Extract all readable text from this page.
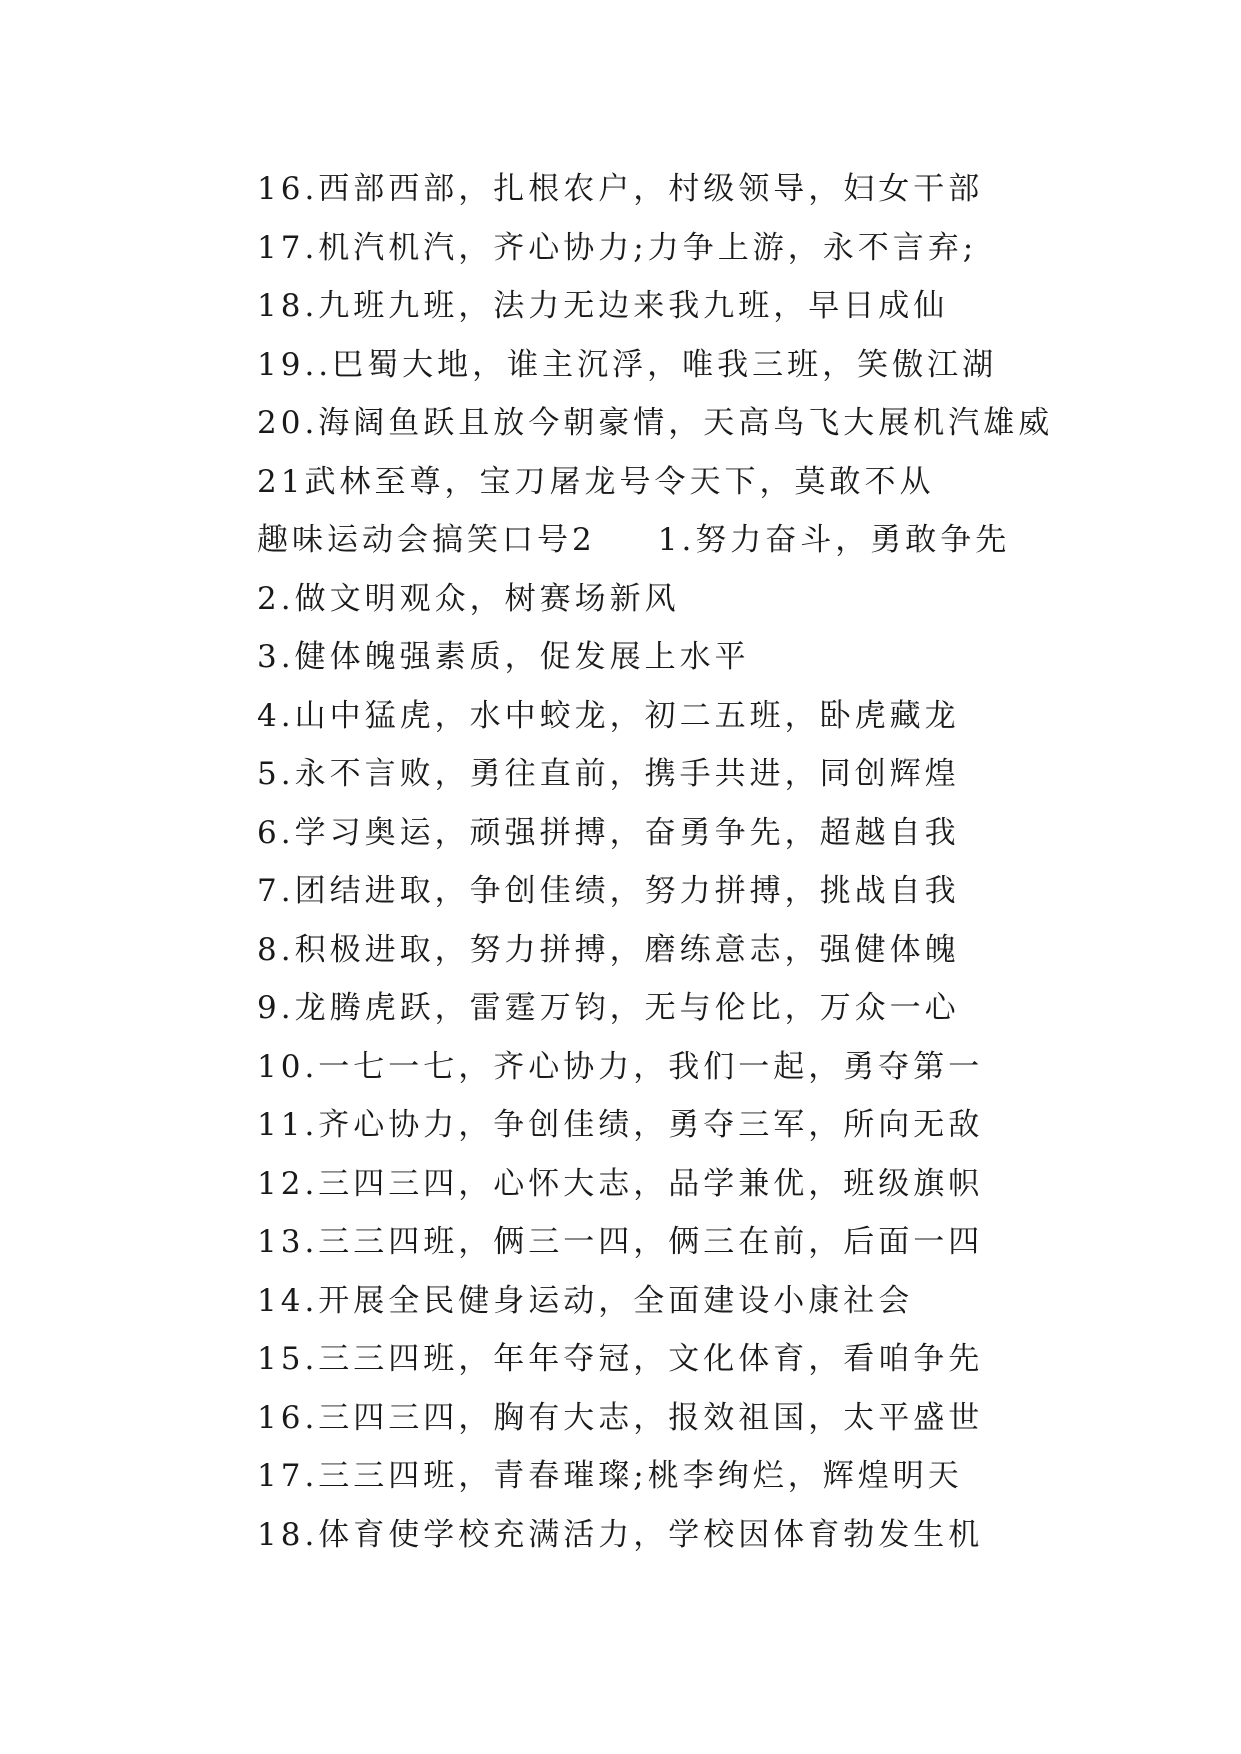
16.西部西部，扎根农户，村级领导，妇女干部
17.机汽机汽，齐心协力;力争上游，永不言弃;
18.九班九班，法力无边来我九班，早日成仙
19..巴蜀大地，谁主沉浮，唯我三班，笑傲江湖
20.海阔鱼跃且放今朝豪情，天高鸟飞大展机汽雄威
21武林至尊，宝刀屠龙号令天下，莫敢不从
趣味运动会搞笑口号2 1.努力奋斗，勇敢争先
2.做文明观众，树赛场新风
3.健体魄强素质，促发展上水平
4.山中猛虎，水中蛟龙，初二五班，卧虎藏龙
5.永不言败，勇往直前，携手共进，同创辉煌
6.学习奥运，顽强拼搏，奋勇争先，超越自我
7.团结进取，争创佳绩，努力拼搏，挑战自我
8.积极进取，努力拼搏，磨练意志，强健体魄
9.龙腾虎跃，雷霆万钧，无与伦比，万众一心
10.一七一七，齐心协力，我们一起，勇夺第一
11.齐心协力，争创佳绩，勇夺三军，所向无敌
12.三四三四，心怀大志，品学兼优，班级旗帜
13.三三四班，俩三一四，俩三在前，后面一四
14.开展全民健身运动，全面建设小康社会
15.三三四班，年年夺冠，文化体育，看咱争先
16.三四三四，胸有大志，报效祖国，太平盛世
17.三三四班，青春璀璨;桃李绚烂，辉煌明天
18.体育使学校充满活力，学校因体育勃发生机
